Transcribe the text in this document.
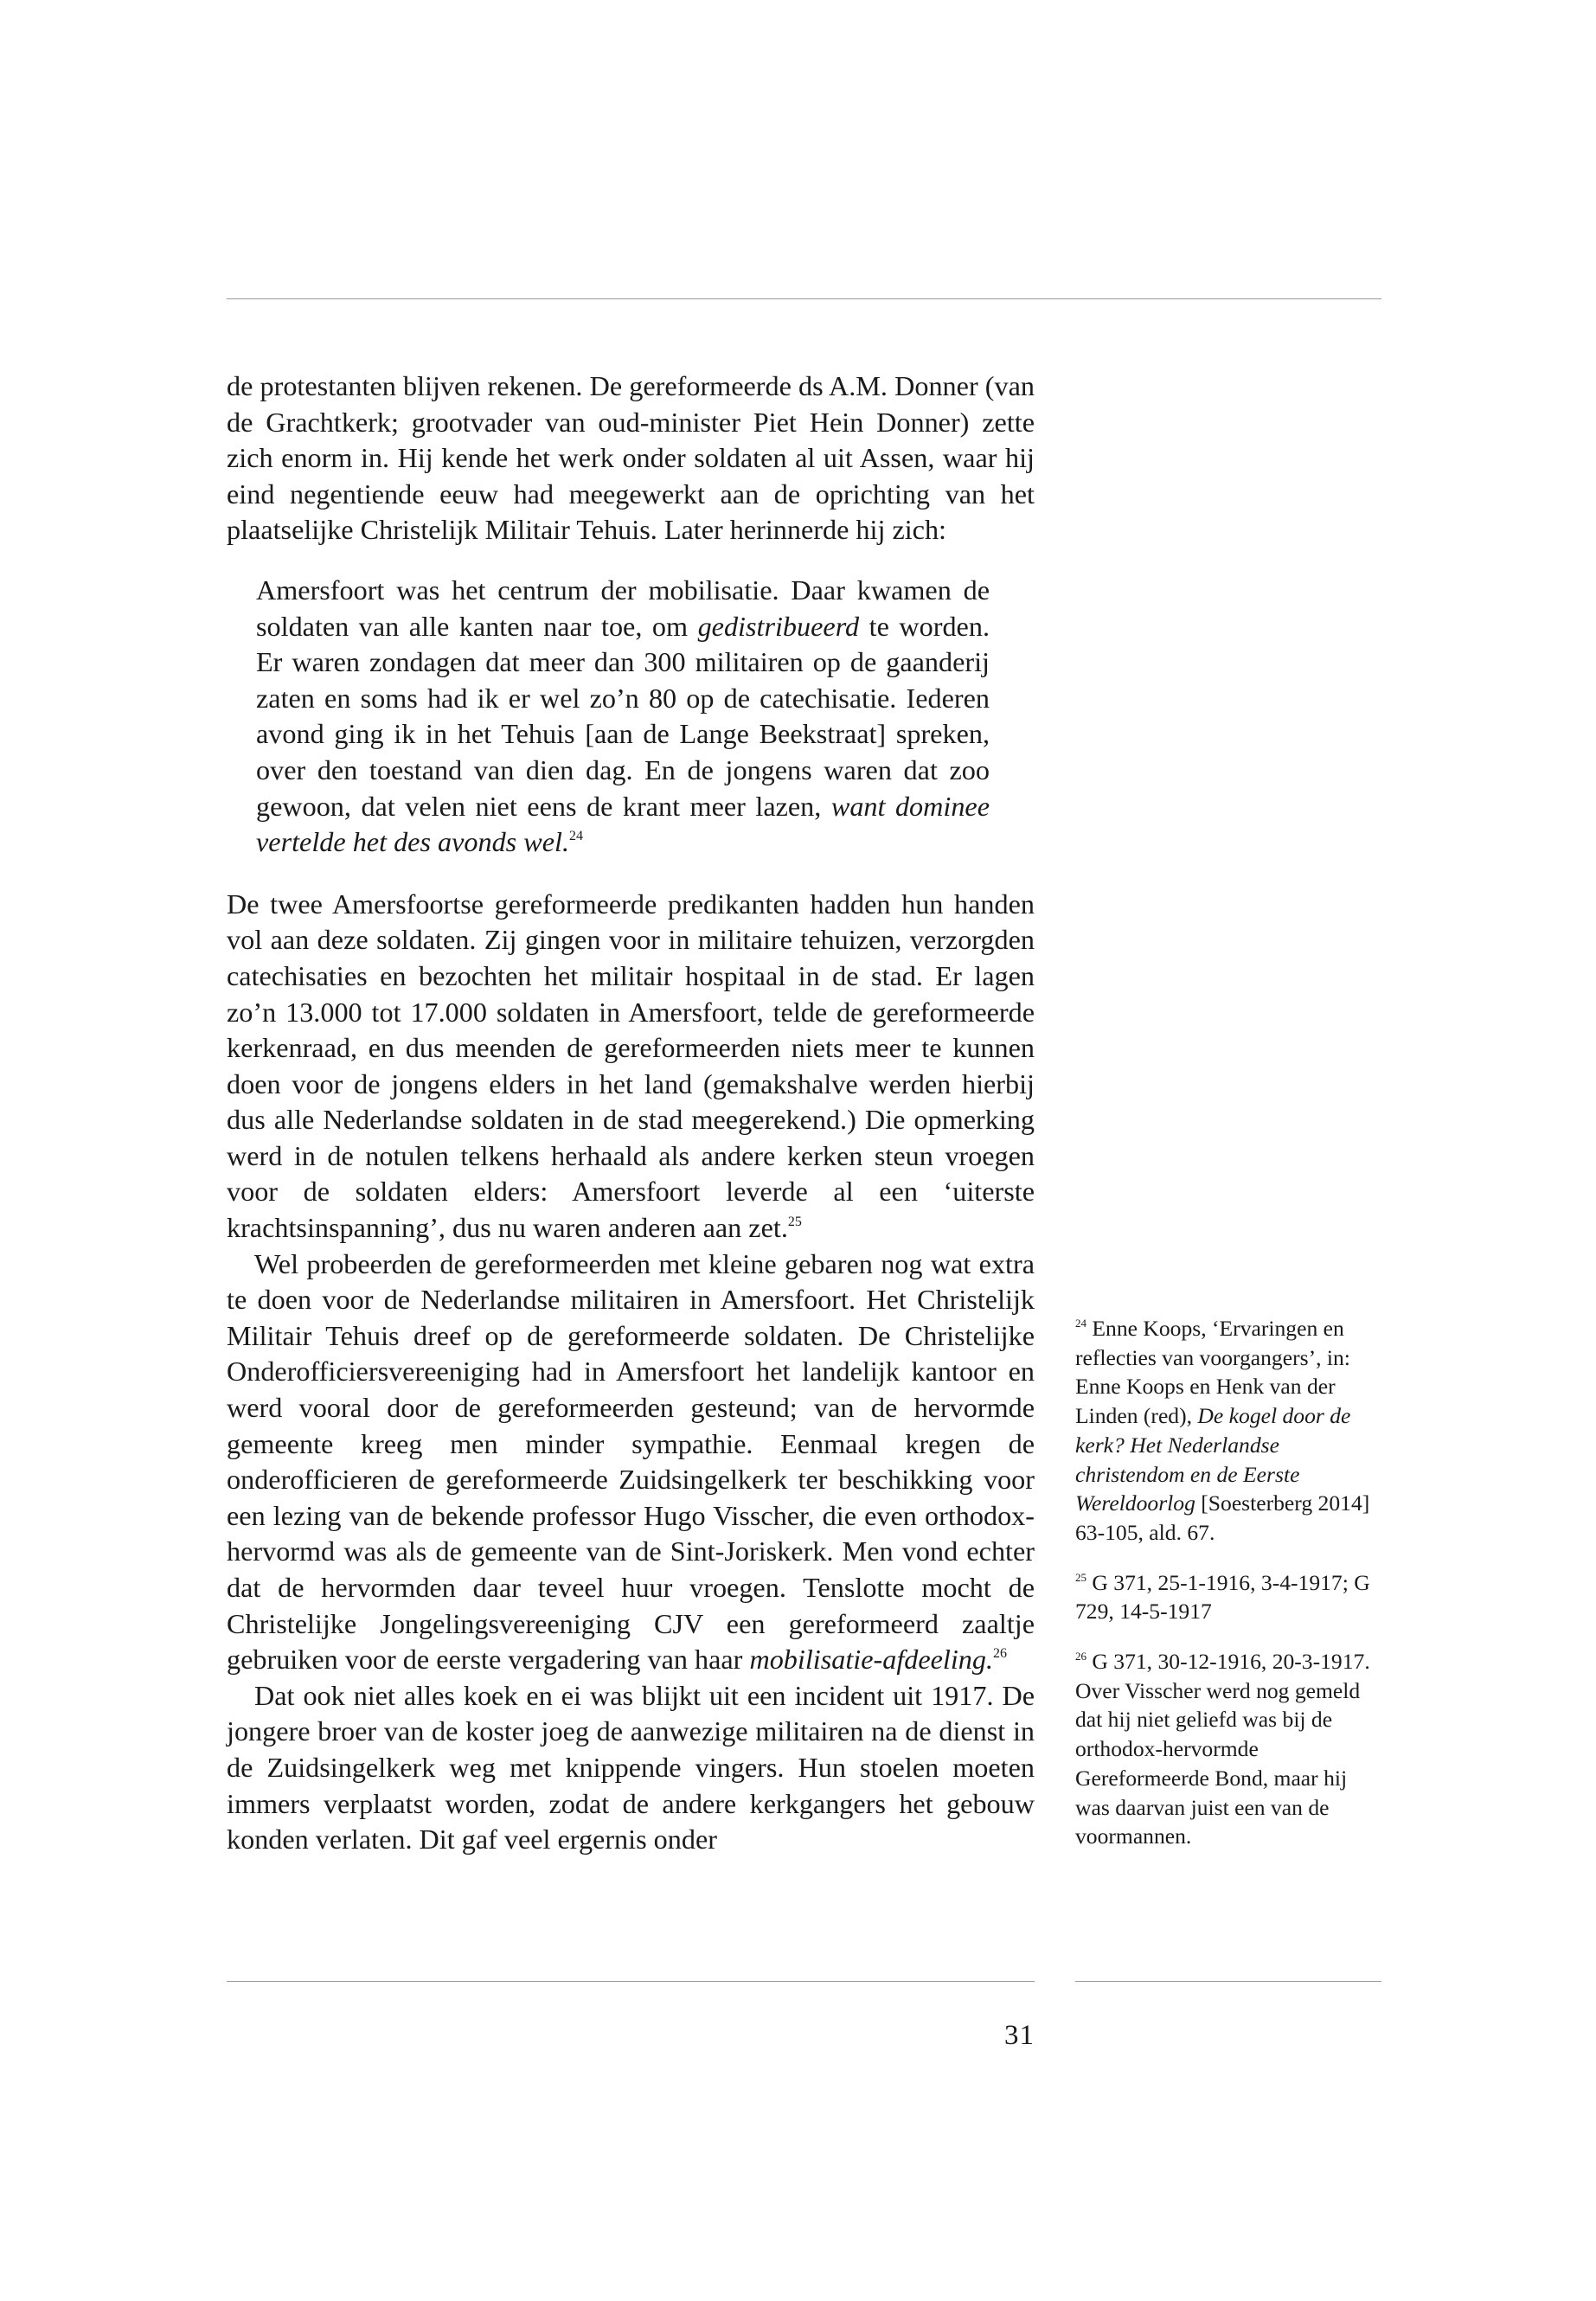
de protestanten blijven rekenen. De gereformeerde ds A.M. Donner (van de Grachtkerk; grootvader van oud-minister Piet Hein Donner) zette zich enorm in. Hij kende het werk onder soldaten al uit Assen, waar hij eind negentiende eeuw had meegewerkt aan de oprichting van het plaatselijke Christelijk Militair Tehuis. Later herinnerde hij zich:

Amersfoort was het centrum der mobilisatie. Daar kwamen de soldaten van alle kanten naar toe, om gedistribueerd te worden. Er waren zondagen dat meer dan 300 militairen op de gaanderij zaten en soms had ik er wel zo’n 80 op de catechisatie. Iederen avond ging ik in het Tehuis [aan de Lange Beekstraat] spreken, over den toestand van dien dag. En de jongens waren dat zoo gewoon, dat velen niet eens de krant meer lazen, want dominee vertelde het des avonds wel.$^{24}$

De twee Amersfoortse gereformeerde predikanten hadden hun handen vol aan deze soldaten. Zij gingen voor in militaire tehuizen, verzorgden catechisaties en bezochten het militair hospitaal in de stad. Er lagen zo’n 13.000 tot 17.000 soldaten in Amersfoort, telde de gereformeerde kerkenraad, en dus meenden de gereformeerden niets meer te kunnen doen voor de jongens elders in het land (gemakshalve werden hierbij dus alle Nederlandse soldaten in de stad meegerekend.) Die opmerking werd in de notulen telkens herhaald als andere kerken steun vroegen voor de soldaten elders: Amersfoort leverde al een ‘uiterste krachtsinspanning’, dus nu waren anderen aan zet.$^{25}$

Wel probeerden de gereformeerden met kleine gebaren nog wat extra te doen voor de Nederlandse militairen in Amersfoort. Het Christelijk Militair Tehuis dreef op de gereformeerde soldaten. De Christelijke Onderofficiersvereeniging had in Amersfoort het landelijk kantoor en werd vooral door de gereformeerden gesteund; van de hervormde gemeente kreeg men minder sympathie. Eenmaal kregen de onderofficieren de gereformeerde Zuidsingelkerk ter beschikking voor een lezing van de bekende professor Hugo Visscher, die even orthodox-hervormd was als de gemeente van de Sint-Joriskerk. Men vond echter dat de hervormden daar teveel huur vroegen. Tenslotte mocht de Christelijke Jongelingsvereeniging CJV een gereformeerd zaaltje gebruiken voor de eerste vergadering van haar mobilisatie-afdeeling.$^{26}$

Dat ook niet alles koek en ei was blijkt uit een incident uit 1917. De jongere broer van de koster joeg de aanwezige militairen na de dienst in de Zuidsingelkerk weg met knippende vingers. Hun stoelen moeten immers verplaatst worden, zodat de andere kerkgangers het gebouw konden verlaten. Dit gaf veel ergernis onder

$^{24}$ Enne Koops, ‘Ervaringen en reflecties van voorgangers’, in: Enne Koops en Henk van der Linden (red), De kogel door de kerk? Het Nederlandse christendom en de Eerste Wereldoorlog [Soesterberg 2014] 63-105, ald. 67.

$^{25}$ G 371, 25-1-1916, 3-4-1917; G 729, 14-5-1917

$^{26}$ G 371, 30-12-1916, 20-3-1917. Over Visscher werd nog gemeld dat hij niet geliefd was bij de orthodox-hervormde Gereformeerde Bond, maar hij was daarvan juist een van de voormannen.

31
